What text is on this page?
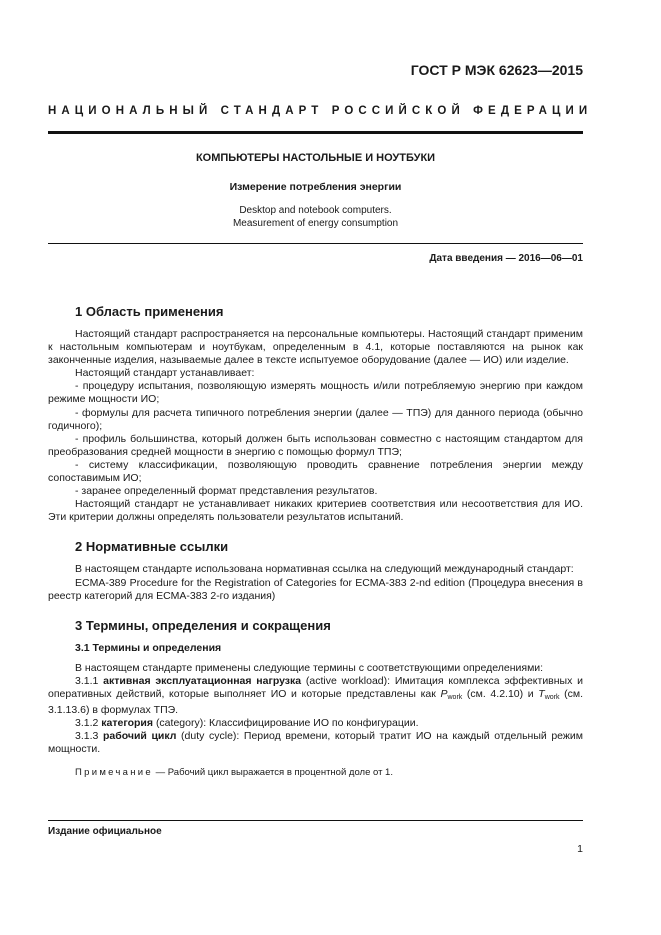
ГОСТ Р МЭК 62623—2015
НАЦИОНАЛЬНЫЙ СТАНДАРТ РОССИЙСКОЙ ФЕДЕРАЦИИ
КОМПЬЮТЕРЫ НАСТОЛЬНЫЕ И НОУТБУКИ
Измерение потребления энергии
Desktop and notebook computers.
Measurement of energy consumption
Дата введения — 2016—06—01
1 Область применения

Настоящий стандарт распространяется на персональные компьютеры. Настоящий стандарт применим к настольным компьютерам и ноутбукам, определенным в 4.1, которые поставляются на рынок как законченные изделия, называемые далее в тексте испытуемое оборудование (далее — ИО) или изделие.

Настоящий стандарт устанавливает:

- процедуру испытания, позволяющую измерять мощность и/или потребляемую энергию при каждом режиме мощности ИО;

- формулы для расчета типичного потребления энергии (далее — ТПЭ) для данного периода (обычно годичного);

- профиль большинства, который должен быть использован совместно с настоящим стандартом для преобразования средней мощности в энергию с помощью формул ТПЭ;

- систему классификации, позволяющую проводить сравнение потребления энергии между сопоставимым ИО;

- заранее определенный формат представления результатов.

Настоящий стандарт не устанавливает никаких критериев соответствия или несоответствия для ИО. Эти критерии должны определять пользователи результатов испытаний.

2 Нормативные ссылки

В настоящем стандарте использована нормативная ссылка на следующий международный стандарт:

ECMA-389 Procedure for the Registration of Categories for ECMA-383 2-nd edition (Процедура внесения в реестр категорий для ECMA-383 2-го издания)

3 Термины, определения и сокращения
3.1 Термины и определения

В настоящем стандарте применены следующие термины с соответствующими определениями:

3.1.1 активная эксплуатационная нагрузка (active workload): Имитация комплекса эффективных и оперативных действий, которые выполняет ИО и которые представлены как $P_{work}$ (см. 4.2.10) и $T_{work}$ (см. 3.1.13.6) в формулах ТПЭ.

3.1.2 категория (category): Классифицирование ИО по конфигурации.

3.1.3 рабочий цикл (duty cycle): Период времени, который тратит ИО на каждый отдельный режим мощности.

Примечание — Рабочий цикл выражается в процентной доле от 1.

Издание официальное
1
